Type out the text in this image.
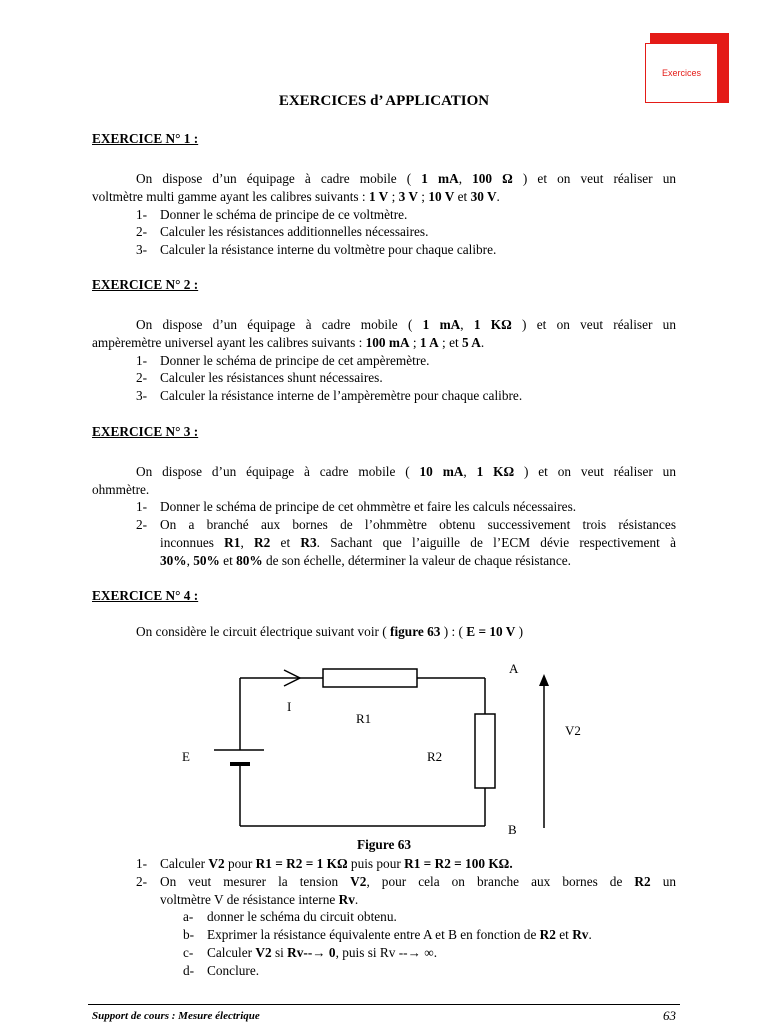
Exercices
EXERCICES d’ APPLICATION
EXERCICE N° 1 :
On dispose d’un équipage à cadre mobile ( 1 mA, 100 Ω ) et on veut réaliser un
voltmètre multi gamme ayant les calibres suivants : 1 V ; 3 V ; 10 V et 30 V.
1- Donner le schéma de principe de ce voltmètre.
2- Calculer les résistances additionnelles nécessaires.
3- Calculer la résistance interne du voltmètre pour chaque calibre.
EXERCICE N° 2 :
On dispose d’un équipage à cadre mobile ( 1 mA, 1 KΩ ) et on veut réaliser un
ampèremètre universel ayant les calibres suivants : 100 mA ; 1 A ; et 5 A.
1- Donner le schéma de principe de cet ampèremètre.
2- Calculer les résistances shunt nécessaires.
3- Calculer la résistance interne de l’ampèremètre pour chaque calibre.
EXERCICE N° 3 :
On dispose d’un équipage à cadre mobile ( 10 mA, 1 KΩ ) et on veut réaliser un
ohmmètre.
1- Donner le schéma de principe de cet ohmmètre et faire les calculs nécessaires.
2- On a branché aux bornes de l’ohmmètre obtenu successivement trois résistances
inconnues R1, R2 et R3. Sachant que l’aiguille de l’ECM dévie respectivement à
30%, 50% et 80% de son échelle, déterminer la valeur de chaque résistance.
EXERCICE N° 4 :
On considère le circuit électrique suivant voir ( figure 63 ) : ( E = 10 V )
A
B
I
R1
R2
E
V2
Figure 63
1- Calculer V2 pour R1 = R2 = 1 KΩ puis pour R1 = R2 = 100 KΩ.
2- On veut mesurer la tension V2, pour cela on branche aux bornes de R2 un
voltmètre V de résistance interne Rv.
a- donner le schéma du circuit obtenu.
b- Exprimer la résistance équivalente entre A et B en fonction de R2 et Rv.
c- Calculer V2 si Rv--→ 0, puis si Rv --→ ∞.
d- Conclure.
Support de cours : Mesure électrique	63
